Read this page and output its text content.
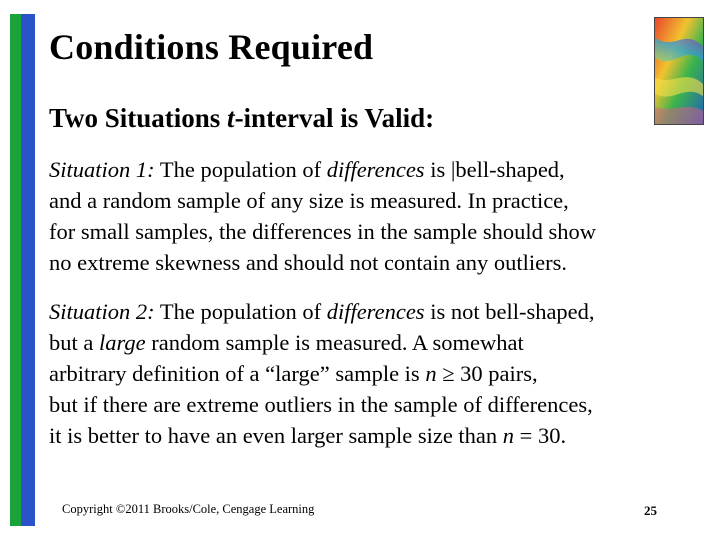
Conditions Required
Two Situations t-interval is Valid:

Situation 1: The population of differences is |bell-shaped,
and a random sample of any size is measured. In practice,
for small samples, the differences in the sample should show
no extreme skewness and should not contain any outliers.

Situation 2: The population of differences is not bell-shaped,
but a large random sample is measured. A somewhat
arbitrary definition of a “large” sample is n ≥ 30 pairs,
but if there are extreme outliers in the sample of differences,
it is better to have an even larger sample size than n = 30.

Copyright ©2011 Brooks/Cole, Cengage Learning	25
